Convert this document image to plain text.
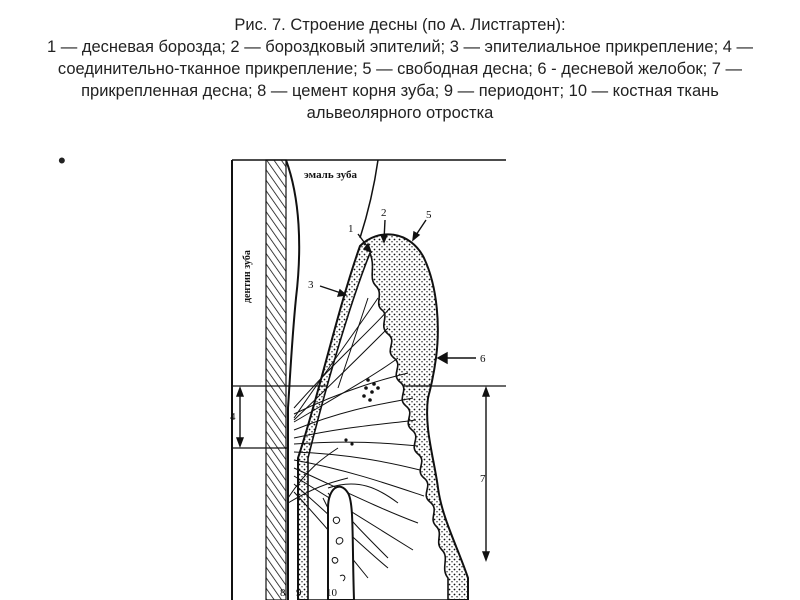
Рис. 7. Строение десны (по А. Листгартен):
1 — десневая борозда; 2 — бороздковый эпителий; 3 — эпителиальное прикрепление; 4 — соединительно-тканное прикрепление; 5 — свободная десна; 6 - десневой желобок; 7 — прикрепленная десна; 8 — цемент корня зуба; 9 — периодонт; 10 — костная ткань альвеолярного отростка
•
эмаль зуба
дентин зуба
1
2	5
3
6
4
7
8 9 10
